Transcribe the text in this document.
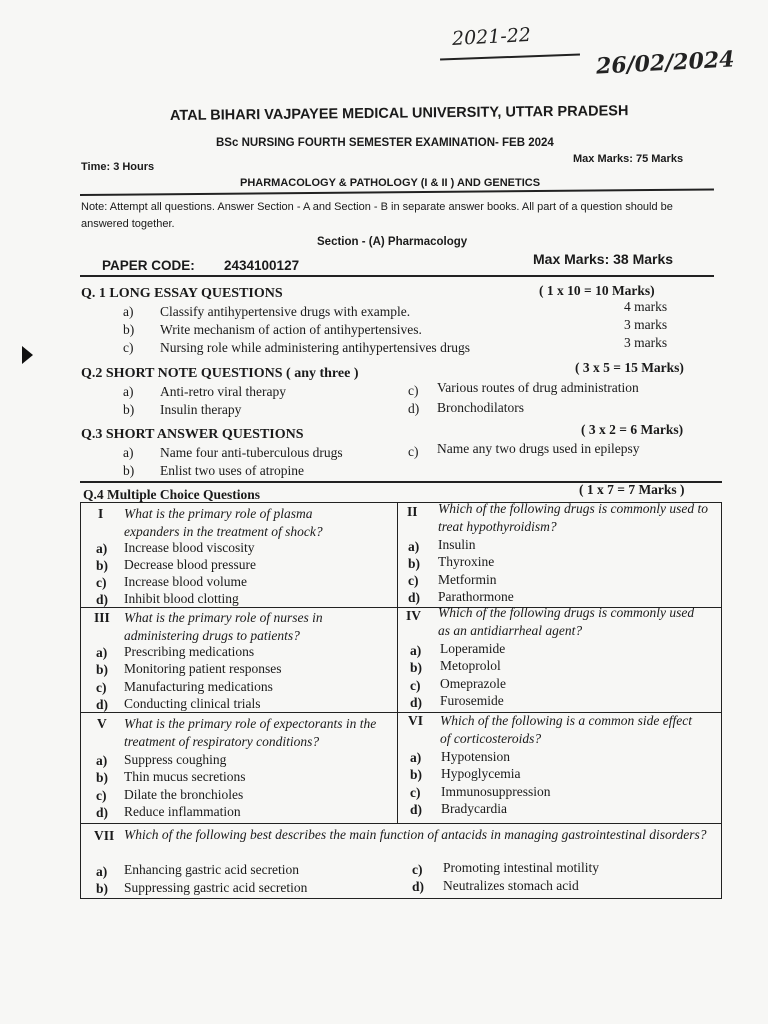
2021-22
26/02/2024
ATAL BIHARI VAJPAYEE MEDICAL UNIVERSITY, UTTAR PRADESH
BSc NURSING FOURTH SEMESTER EXAMINATION- FEB 2024
Time: 3 Hours
Max Marks: 75 Marks
PHARMACOLOGY & PATHOLOGY (I & II ) AND GENETICS
Note: Attempt all questions. Answer Section - A and Section - B in separate answer books. All part of a question should be answered together.
Section - (A) Pharmacology
PAPER CODE: 2434100127	Max Marks: 38 Marks
Q. 1 LONG ESSAY QUESTIONS	( 1 x 10 = 10 Marks)
a) Classify antihypertensive drugs with example.	4 marks
b) Write mechanism of action of antihypertensives.	3 marks
c) Nursing role while administering antihypertensives drugs	3 marks
Q.2 SHORT NOTE QUESTIONS ( any three )	( 3 x 5 = 15 Marks)
a) Anti-retro viral therapy
b) Insulin therapy
c) Various routes of drug administration
d) Bronchodilators
Q.3 SHORT ANSWER QUESTIONS	( 3 x 2 = 6 Marks)
a) Name four anti-tuberculous drugs
b) Enlist two uses of atropine
c) Name any two drugs used in epilepsy
Q.4 Multiple Choice Questions	( 1 x 7 = 7 Marks )
I What is the primary role of plasma expanders in the treatment of shock?
a) Increase blood viscosity
b) Decrease blood pressure
c) Increase blood volume
d) Inhibit blood clotting
II Which of the following drugs is commonly used to treat hypothyroidism?
a) Insulin
b) Thyroxine
c) Metformin
d) Parathormone
III What is the primary role of nurses in administering drugs to patients?
a) Prescribing medications
b) Monitoring patient responses
c) Manufacturing medications
d) Conducting clinical trials
IV Which of the following drugs is commonly used as an antidiarrheal agent?
a) Loperamide
b) Metoprolol
c) Omeprazole
d) Furosemide
V What is the primary role of expectorants in the treatment of respiratory conditions?
a) Suppress coughing
b) Thin mucus secretions
c) Dilate the bronchioles
d) Reduce inflammation
VI Which of the following is a common side effect of corticosteroids?
a) Hypotension
b) Hypoglycemia
c) Immunosuppression
d) Bradycardia
VII Which of the following best describes the main function of antacids in managing gastrointestinal disorders?
a) Enhancing gastric acid secretion
b) Suppressing gastric acid secretion
c) Promoting intestinal motility
d) Neutralizes stomach acid
